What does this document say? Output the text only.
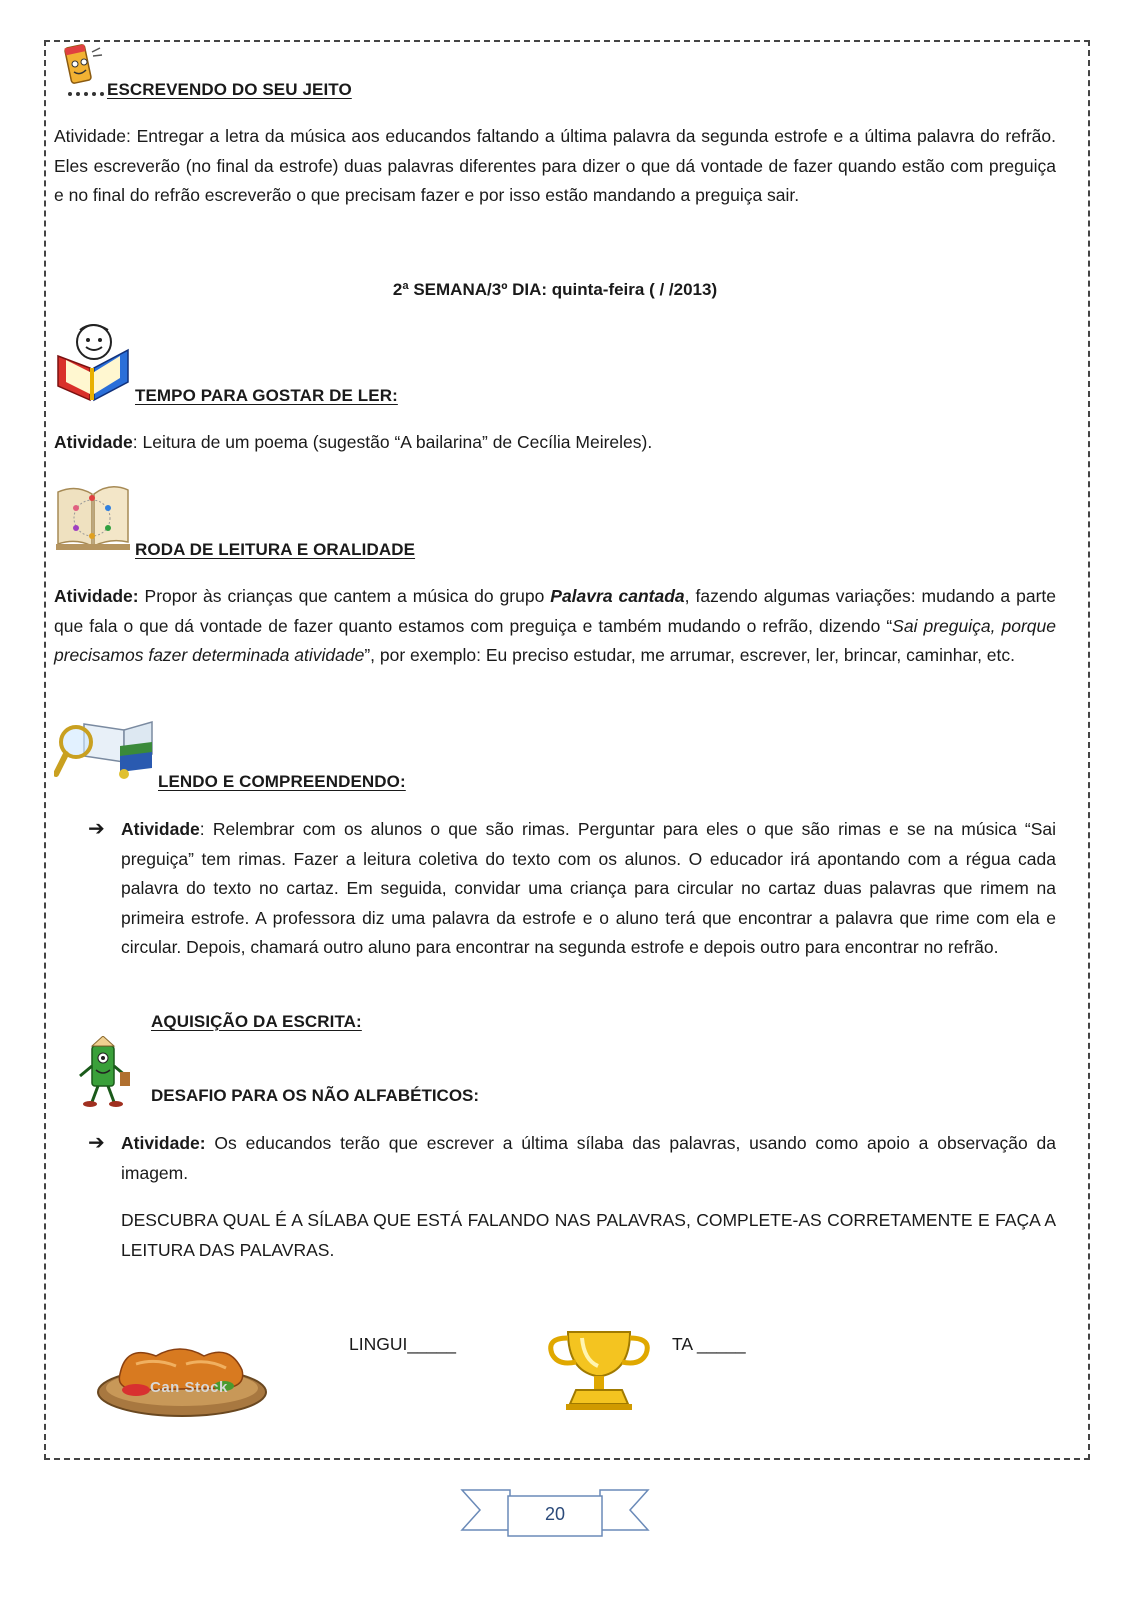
ESCREVENDO DO SEU JEITO
Atividade: Entregar a letra da música aos educandos faltando a última palavra da segunda estrofe e a última palavra do refrão. Eles escreverão (no final da estrofe) duas palavras diferentes para dizer o que dá vontade de fazer quando estão com preguiça e no final do refrão escreverão o que precisam fazer e por isso estão mandando a preguiça sair.
2ª SEMANA/3º DIA: quinta-feira ( / /2013)
TEMPO PARA GOSTAR DE LER:
Atividade: Leitura de um poema (sugestão “A bailarina” de Cecília Meireles).
RODA DE LEITURA E ORALIDADE
Atividade: Propor às crianças que cantem a música do grupo Palavra cantada, fazendo algumas variações: mudando a parte que fala o que dá vontade de fazer quanto estamos com preguiça e também mudando o refrão, dizendo “Sai preguiça, porque precisamos fazer determinada atividade”, por exemplo: Eu preciso estudar, me arrumar, escrever, ler, brincar, caminhar, etc.
LENDO E COMPREENDENDO:
➔ Atividade: Relembrar com os alunos o que são rimas. Perguntar para eles o que são rimas e se na música “Sai preguiça” tem rimas. Fazer a leitura coletiva do texto com os alunos. O educador irá apontando com a régua cada palavra do texto no cartaz. Em seguida, convidar uma criança para circular no cartaz duas palavras que rimem na primeira estrofe. A professora diz uma palavra da estrofe e o aluno terá que encontrar a palavra que rime com ela e circular. Depois, chamará outro aluno para encontrar na segunda estrofe e depois outro para encontrar no refrão.
AQUISIÇÃO DA ESCRITA:
DESAFIO PARA OS NÃO ALFABÉTICOS:
➔ Atividade: Os educandos terão que escrever a última sílaba das palavras, usando como apoio a observação da imagem.
DESCUBRA QUAL É A SÍLABA QUE ESTÁ FALANDO NAS PALAVRAS, COMPLETE-AS CORRETAMENTE E FAÇA A LEITURA DAS PALAVRAS.
Can Stock
LINGUI_____	TA _____
20
